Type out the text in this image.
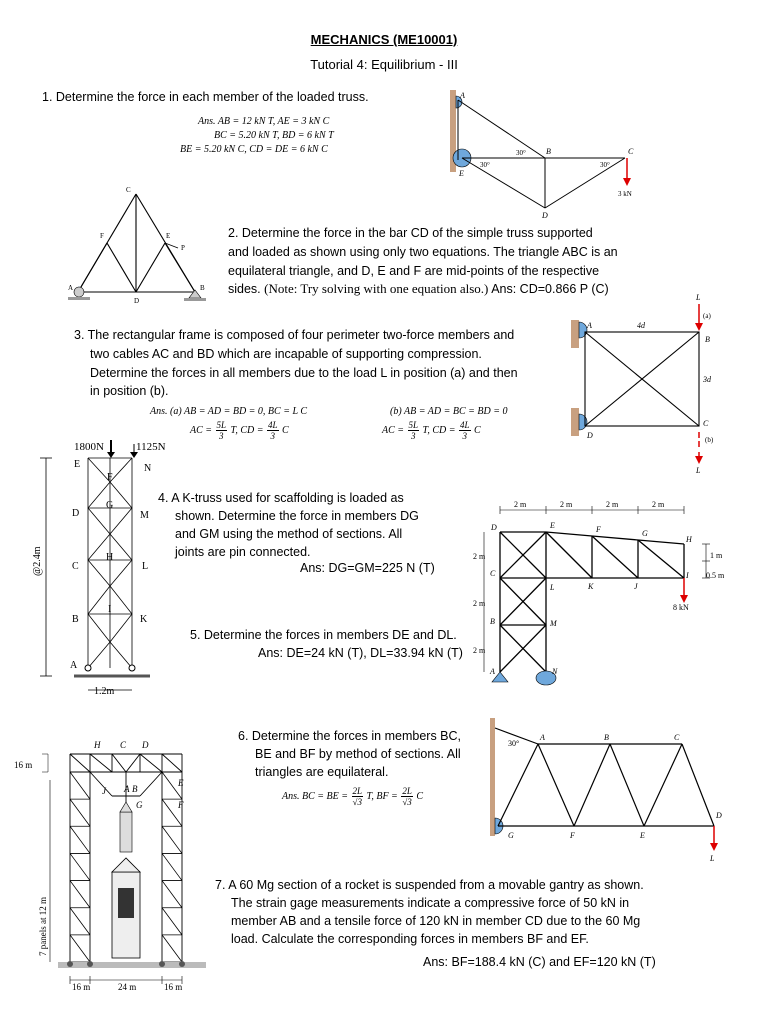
MECHANICS (ME10001)
Tutorial 4: Equilibrium - III
1. Determine the force in each member of the loaded truss.
Ans. AB = 12 kN T, AE = 3 kN C
BC = 5.20 kN T, BD = 6 kN T
BE = 5.20 kN C, CD = DE = 6 kN C
A
B	C
D
E
30°
30°
30°
3 kN
A	B
C
D
E
F
P
2. Determine the force in the bar CD of the simple truss supported
and loaded as shown using only two equations. The triangle ABC is an
equilateral triangle, and D, E and F are mid-points of the respective
sides. (Note: Try solving with one equation also.) Ans: CD=0.866 P (C)
3. The rectangular frame is composed of four perimeter two-force members and
two cables AC and BD which are incapable of supporting compression.
Determine the forces in all members due to the load L in position (a) and then
in position (b).
Ans. (a) AB = AD = BD = 0, BC = L C
AC = $\frac{5L}{3} T$, CD = $\frac{4L}{3}$ C
(b) AB = AD = BC = BD = 0
AC = $\frac{5L}{3} T$, CD = $\frac{4L}{3}$ C
A
B
C
D
4d
3d
L
(a)
(b)
L
1800N	1125N
E
F
N
D
G
M
C
H
L
B
I
K
A
@2.4m
1.2m
4. A K-truss used for scaffolding is loaded as
shown. Determine the force in members DG
and GM using the method of sections. All
joints are pin connected.
Ans: DG=GM=225 N (T)
5. Determine the forces in members DE and DL.
Ans: DE=24 kN (T), DL=33.94 kN (T)
2 m	2 m	2 m	2 m
D	E	F	G
H
C
L	K	J
I
B	M
A	N
2 m
2 m
2 m
1 m
0.5 m
8 kN
6. Determine the forces in members BC,
BE and BF by method of sections. All
triangles are equilateral.
Ans. BC = BE = $\frac{2L}{√3} T$, BF = $\frac{2L}{√3}$ C
30°
A	B	C
D
E
F
G
L
H C D
J A B
G
E
F
16 m
7 panels at 12 m
16 m	24 m	16 m
7. A 60 Mg section of a rocket is suspended from a movable gantry as shown.
The strain gage measurements indicate a compressive force of 50 kN in
member AB and a tensile force of 120 kN in member CD due to the 60 Mg
load. Calculate the corresponding forces in members BF and EF.
Ans: BF=188.4 kN (C) and EF=120 kN (T)
